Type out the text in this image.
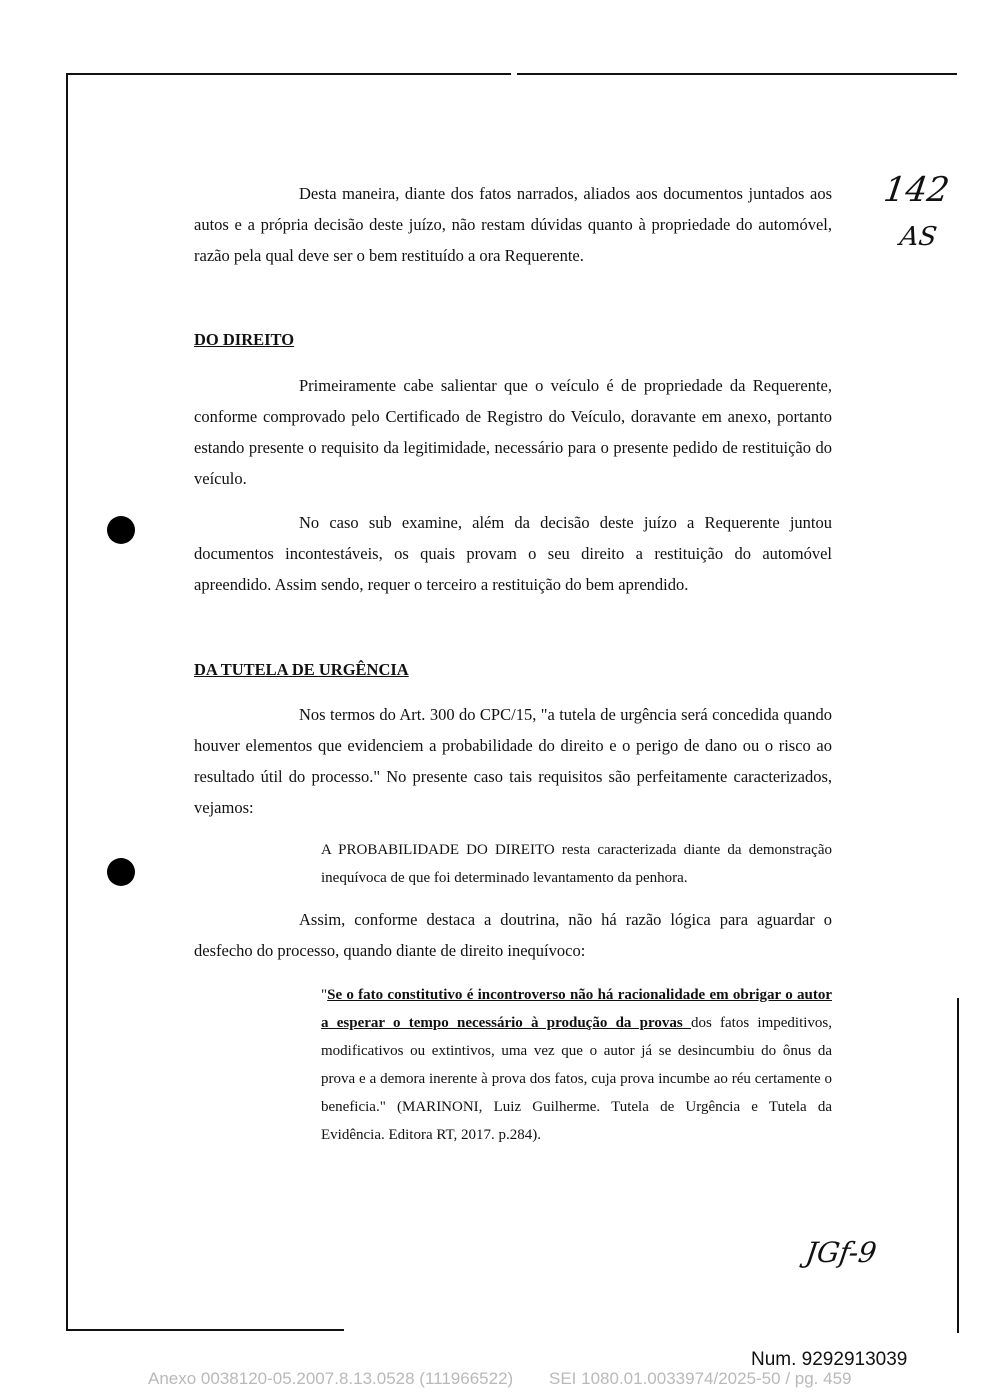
142
AS

Desta maneira, diante dos fatos narrados, aliados aos documentos juntados aos autos e a própria decisão deste juízo, não restam dúvidas quanto à propriedade do automóvel, razão pela qual deve ser o bem restituído a ora Requerente.

DO DIREITO

Primeiramente cabe salientar que o veículo é de propriedade da Requerente, conforme comprovado pelo Certificado de Registro do Veículo, doravante em anexo, portanto estando presente o requisito da legitimidade, necessário para o presente pedido de restituição do veículo.

No caso sub examine, além da decisão deste juízo a Requerente juntou documentos incontestáveis, os quais provam o seu direito a restituição do automóvel apreendido. Assim sendo, requer o terceiro a restituição do bem aprendido.

DA TUTELA DE URGÊNCIA

Nos termos do Art. 300 do CPC/15, "a tutela de urgência será concedida quando houver elementos que evidenciem a probabilidade do direito e o perigo de dano ou o risco ao resultado útil do processo." No presente caso tais requisitos são perfeitamente caracterizados, vejamos:

A PROBABILIDADE DO DIREITO resta caracterizada diante da demonstração inequívoca de que foi determinado levantamento da penhora.

Assim, conforme destaca a doutrina, não há razão lógica para aguardar o desfecho do processo, quando diante de direito inequívoco:

"Se o fato constitutivo é incontroverso não há racionalidade em obrigar o autor a esperar o tempo necessário à produção da provas dos fatos impeditivos, modificativos ou extintivos, uma vez que o autor já se desincumbiu do ônus da prova e a demora inerente à prova dos fatos, cuja prova incumbe ao réu certamente o beneficia." (MARINONI, Luiz Guilherme. Tutela de Urgência e Tutela da Evidência. Editora RT, 2017. p.284).

JGf-9
Num. 9292913039
Anexo 0038120-05.2007.8.13.0528 (111966522) SEI 1080.01.0033974/2025-50 / pg. 459
